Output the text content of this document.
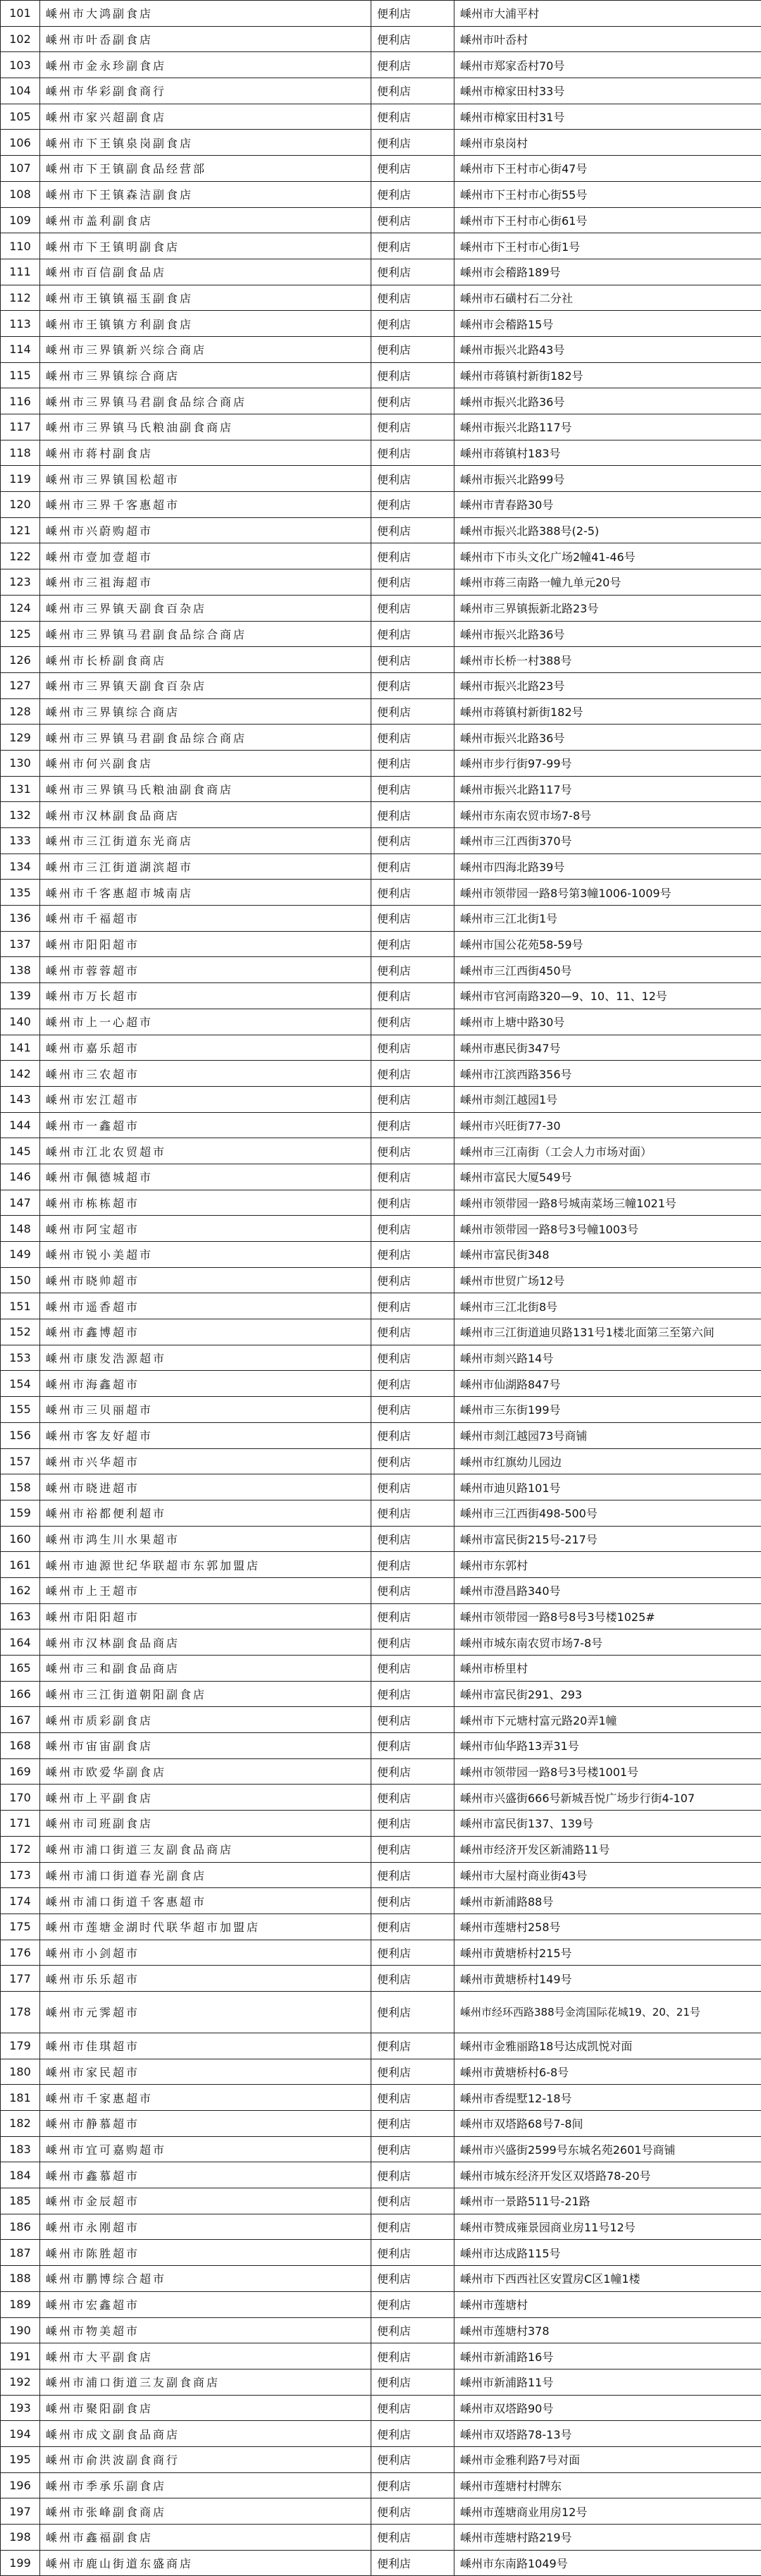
101	嵊州市大鸿副食店	便利店	嵊州市大浦平村
102	嵊州市叶岙副食店	便利店	嵊州市叶岙村
103	嵊州市金永珍副食店	便利店	嵊州市郑家岙村70号
104	嵊州市华彩副食商行	便利店	嵊州市樟家田村33号
105	嵊州市家兴超副食店	便利店	嵊州市樟家田村31号
106	嵊州市下王镇泉岗副食店	便利店	嵊州市泉岗村
107	嵊州市下王镇副食品经营部	便利店	嵊州市下王村市心街47号
108	嵊州市下王镇森洁副食店	便利店	嵊州市下王村市心街55号
109	嵊州市盖利副食店	便利店	嵊州市下王村市心街61号
110	嵊州市下王镇明副食店	便利店	嵊州市下王村市心街1号
111	嵊州市百信副食品店	便利店	嵊州市会稽路189号
112	嵊州市王镇镇福玉副食店	便利店	嵊州市石磺村石二分社
113	嵊州市王镇镇方利副食店	便利店	嵊州市会稽路15号
114	嵊州市三界镇新兴综合商店	便利店	嵊州市振兴北路43号
115	嵊州市三界镇综合商店	便利店	嵊州市蒋镇村新街182号
116	嵊州市三界镇马君副食品综合商店	便利店	嵊州市振兴北路36号
117	嵊州市三界镇马氏粮油副食商店	便利店	嵊州市振兴北路117号
118	嵊州市蒋村副食店	便利店	嵊州市蒋镇村183号
119	嵊州市三界镇国松超市	便利店	嵊州市振兴北路99号
120	嵊州市三界千客惠超市	便利店	嵊州市青春路30号
121	嵊州市兴蔚购超市	便利店	嵊州市振兴北路388号(2-5)
122	嵊州市壹加壹超市	便利店	嵊州市下市头文化广场2幢41-46号
123	嵊州市三祖海超市	便利店	嵊州市蒋三南路一幢九单元20号
124	嵊州市三界镇天副食百杂店	便利店	嵊州市三界镇振新北路23号
125	嵊州市三界镇马君副食品综合商店	便利店	嵊州市振兴北路36号
126	嵊州市长桥副食商店	便利店	嵊州市长桥一村388号
127	嵊州市三界镇天副食百杂店	便利店	嵊州市振兴北路23号
128	嵊州市三界镇综合商店	便利店	嵊州市蒋镇村新街182号
129	嵊州市三界镇马君副食品综合商店	便利店	嵊州市振兴北路36号
130	嵊州市何兴副食店	便利店	嵊州市步行街97-99号
131	嵊州市三界镇马氏粮油副食商店	便利店	嵊州市振兴北路117号
132	嵊州市汉林副食品商店	便利店	嵊州市东南农贸市场7-8号
133	嵊州市三江街道东光商店	便利店	嵊州市三江西街370号
134	嵊州市三江街道湖滨超市	便利店	嵊州市四海北路39号
135	嵊州市千客惠超市城南店	便利店	嵊州市领带园一路8号第3幢1006-1009号
136	嵊州市千福超市	便利店	嵊州市三江北街1号
137	嵊州市阳阳超市	便利店	嵊州市国公花苑58-59号
138	嵊州市蓉蓉超市	便利店	嵊州市三江西街450号
139	嵊州市万长超市	便利店	嵊州市官河南路320—9、10、11、12号
140	嵊州市上一心超市	便利店	嵊州市上塘中路30号
141	嵊州市嘉乐超市	便利店	嵊州市惠民街347号
142	嵊州市三农超市	便利店	嵊州市江滨西路356号
143	嵊州市宏江超市	便利店	嵊州市剡江越园1号
144	嵊州市一鑫超市	便利店	嵊州市兴旺街77-30
145	嵊州市江北农贸超市	便利店	嵊州市三江南街（工会人力市场对面）
146	嵊州市佩德城超市	便利店	嵊州市富民大厦549号
147	嵊州市栋栋超市	便利店	嵊州市领带园一路8号城南菜场三幢1021号
148	嵊州市阿宝超市	便利店	嵊州市领带园一路8号3号幢1003号
149	嵊州市锐小美超市	便利店	嵊州市富民街348
150	嵊州市晓帅超市	便利店	嵊州市世贸广场12号
151	嵊州市遥香超市	便利店	嵊州市三江北街8号
152	嵊州市鑫博超市	便利店	嵊州市三江街道迪贝路131号1楼北面第三至第六间
153	嵊州市康发浩源超市	便利店	嵊州市剡兴路14号
154	嵊州市海鑫超市	便利店	嵊州市仙湖路847号
155	嵊州市三贝丽超市	便利店	嵊州市三东街199号
156	嵊州市客友好超市	便利店	嵊州市剡江越园73号商铺
157	嵊州市兴华超市	便利店	嵊州市红旗幼儿园边
158	嵊州市晓进超市	便利店	嵊州市迪贝路101号
159	嵊州市裕都便利超市	便利店	嵊州市三江西街498-500号
160	嵊州市鸿生川水果超市	便利店	嵊州市富民街215号-217号
161	嵊州市迪源世纪华联超市东郭加盟店	便利店	嵊州市东郭村
162	嵊州市上王超市	便利店	嵊州市澄昌路340号
163	嵊州市阳阳超市	便利店	嵊州市领带园一路8号8号3号楼1025#
164	嵊州市汉林副食品商店	便利店	嵊州市城东南农贸市场7-8号
165	嵊州市三和副食品商店	便利店	嵊州市桥里村
166	嵊州市三江街道朝阳副食店	便利店	嵊州市富民街291、293
167	嵊州市质彩副食店	便利店	嵊州市下元塘村富元路20弄1幢
168	嵊州市宙宙副食店	便利店	嵊州市仙华路13弄31号
169	嵊州市欧爱华副食店	便利店	嵊州市领带园一路8号3号楼1001号
170	嵊州市上平副食店	便利店	嵊州市兴盛街666号新城吾悦广场步行街4-107
171	嵊州市司班副食店	便利店	嵊州市富民街137、139号
172	嵊州市浦口街道三友副食品商店	便利店	嵊州市经济开发区新浦路11号
173	嵊州市浦口街道春光副食店	便利店	嵊州市大屋村商业街43号
174	嵊州市浦口街道千客惠超市	便利店	嵊州市新浦路88号
175	嵊州市莲塘金湖时代联华超市加盟店	便利店	嵊州市莲塘村258号
176	嵊州市小剑超市	便利店	嵊州市黄塘桥村215号
177	嵊州市乐乐超市	便利店	嵊州市黄塘桥村149号
178	嵊州市元霁超市	便利店	嵊州市经环西路388号金湾国际花城19、20、21号
179	嵊州市佳琪超市	便利店	嵊州市金雅丽路18号达成凯悦对面
180	嵊州市家民超市	便利店	嵊州市黄塘桥村6-8号
181	嵊州市千家惠超市	便利店	嵊州市香缇墅12-18号
182	嵊州市静慕超市	便利店	嵊州市双塔路68号7-8间
183	嵊州市宜可嘉购超市	便利店	嵊州市兴盛街2599号东城名苑2601号商铺
184	嵊州市鑫慕超市	便利店	嵊州市城东经济开发区双塔路78-20号
185	嵊州市金辰超市	便利店	嵊州市一景路511号-21路
186	嵊州市永刚超市	便利店	嵊州市赞成雍景园商业房11号12号
187	嵊州市陈胜超市	便利店	嵊州市达成路115号
188	嵊州市鹏博综合超市	便利店	嵊州市下西西社区安置房C区1幢1楼
189	嵊州市宏鑫超市	便利店	嵊州市莲塘村
190	嵊州市物美超市	便利店	嵊州市莲塘村378
191	嵊州市大平副食店	便利店	嵊州市新浦路16号
192	嵊州市浦口街道三友副食商店	便利店	嵊州市新浦路11号
193	嵊州市聚阳副食店	便利店	嵊州市双塔路90号
194	嵊州市成文副食品商店	便利店	嵊州市双塔路78-13号
195	嵊州市俞洪波副食商行	便利店	嵊州市金雅利路7号对面
196	嵊州市季承乐副食店	便利店	嵊州市莲塘村村牌东
197	嵊州市张峰副食商店	便利店	嵊州市莲塘商业用房12号
198	嵊州市鑫福副食店	便利店	嵊州市莲塘村路219号
199	嵊州市鹿山街道东盛商店	便利店	嵊州市东南路1049号
